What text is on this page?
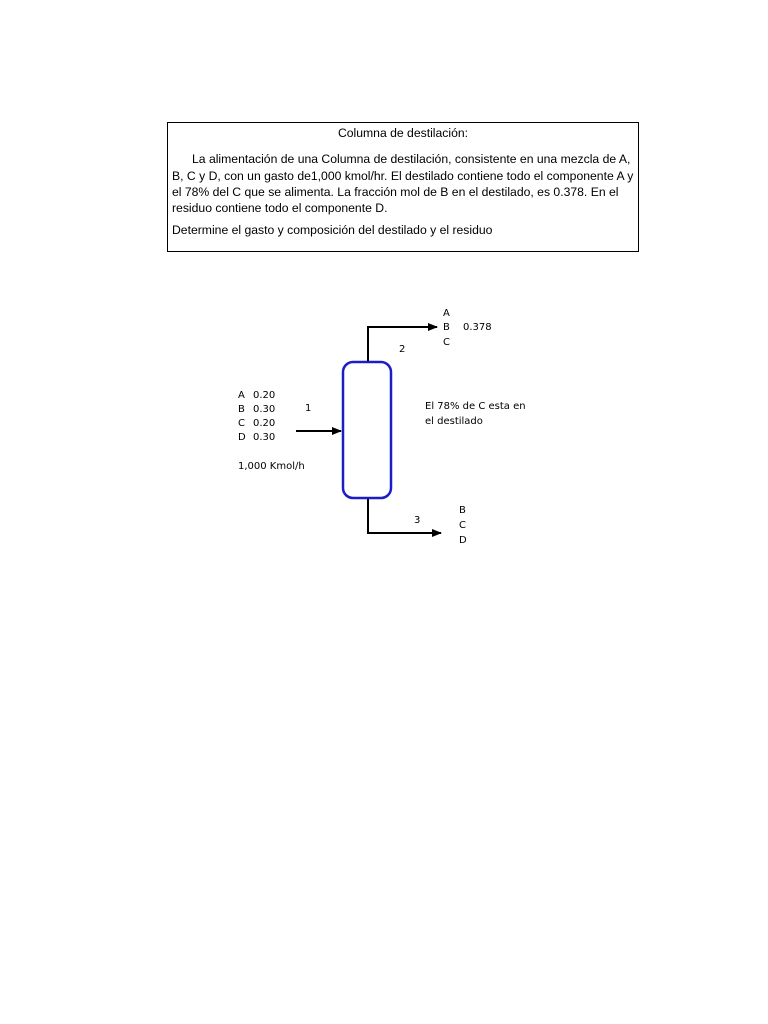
Columna de destilación:
La alimentación de una Columna de destilación, consistente en una mezcla de A, B, C y D, con un gasto de1,000 kmol/hr. El destilado contiene todo el componente A y el 78% del C que se alimenta. La fracción mol de B en el destilado, es 0.378. En el residuo contiene todo el componente D.
Determine el gasto y composición del destilado y el residuo
A
B 0.378
C
2
A 0.20
B 0.30
C 0.20
D 0.30
1
1,000 Kmol/h
El 78% de C esta en
el destilado
B
C
D
3
